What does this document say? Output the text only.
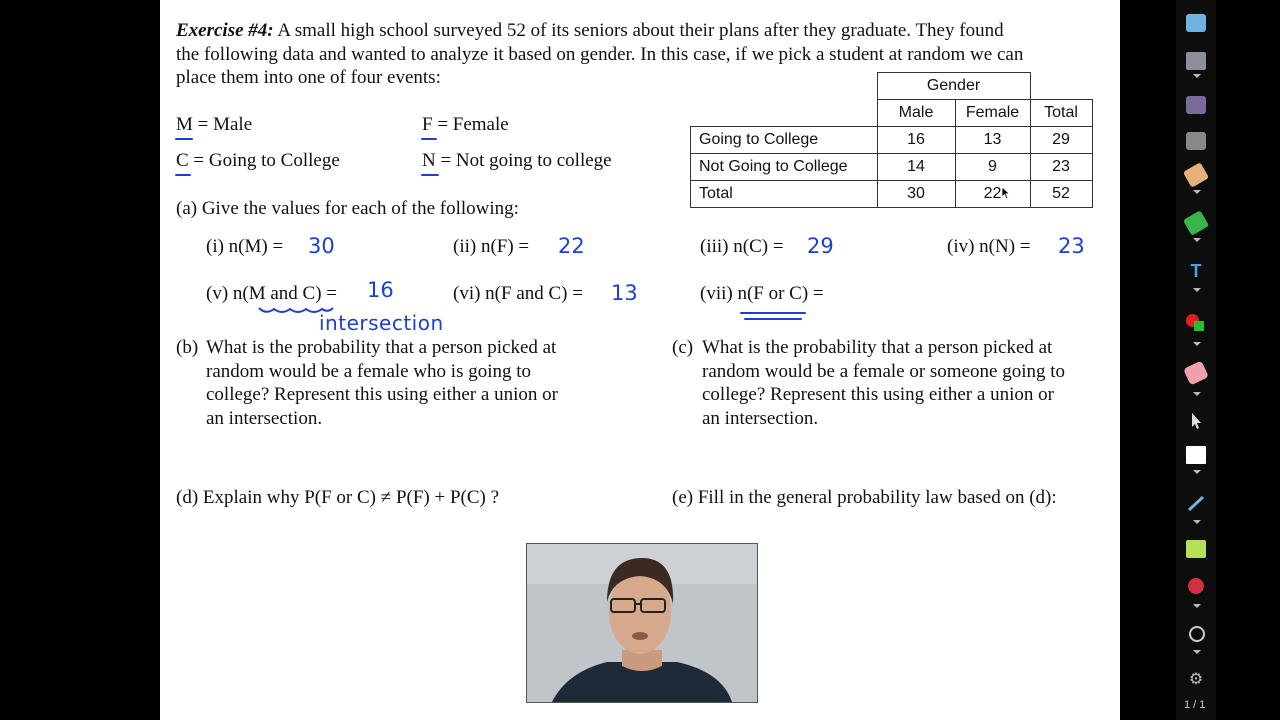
Exercise #4: A small high school surveyed 52 of its seniors about their plans after they graduate. They found
the following data and wanted to analyze it based on gender. In this case, if we pick a student at random we can
place them into one of four events:
M = Male	F = Female
C = Going to College	N = Not going to college
	Gender		
	Male	Female	Total
Going to College	16	13	29
Not Going to College	14	9	23
Total	30	22	52
(a) Give the values for each of the following:
(i) n(M) = 30	(ii) n(F) = 22	(iii) n(C) = 29	(iv) n(N) = 23
(v) n(M and C) = 16	(vi) n(F and C) = 13	(vii) n(F or C) =
intersection
(b) What is the probability that a person picked at
random would be a female who is going to
college? Represent this using either a union or
an intersection.
(c) What is the probability that a person picked at
random would be a female or someone going to
college? Represent this using either a union or
an intersection.
(d) Explain why P(F or C) ≠ P(F) + P(C) ?	(e) Fill in the general probability law based on (d):
T
⚙
1 / 1
